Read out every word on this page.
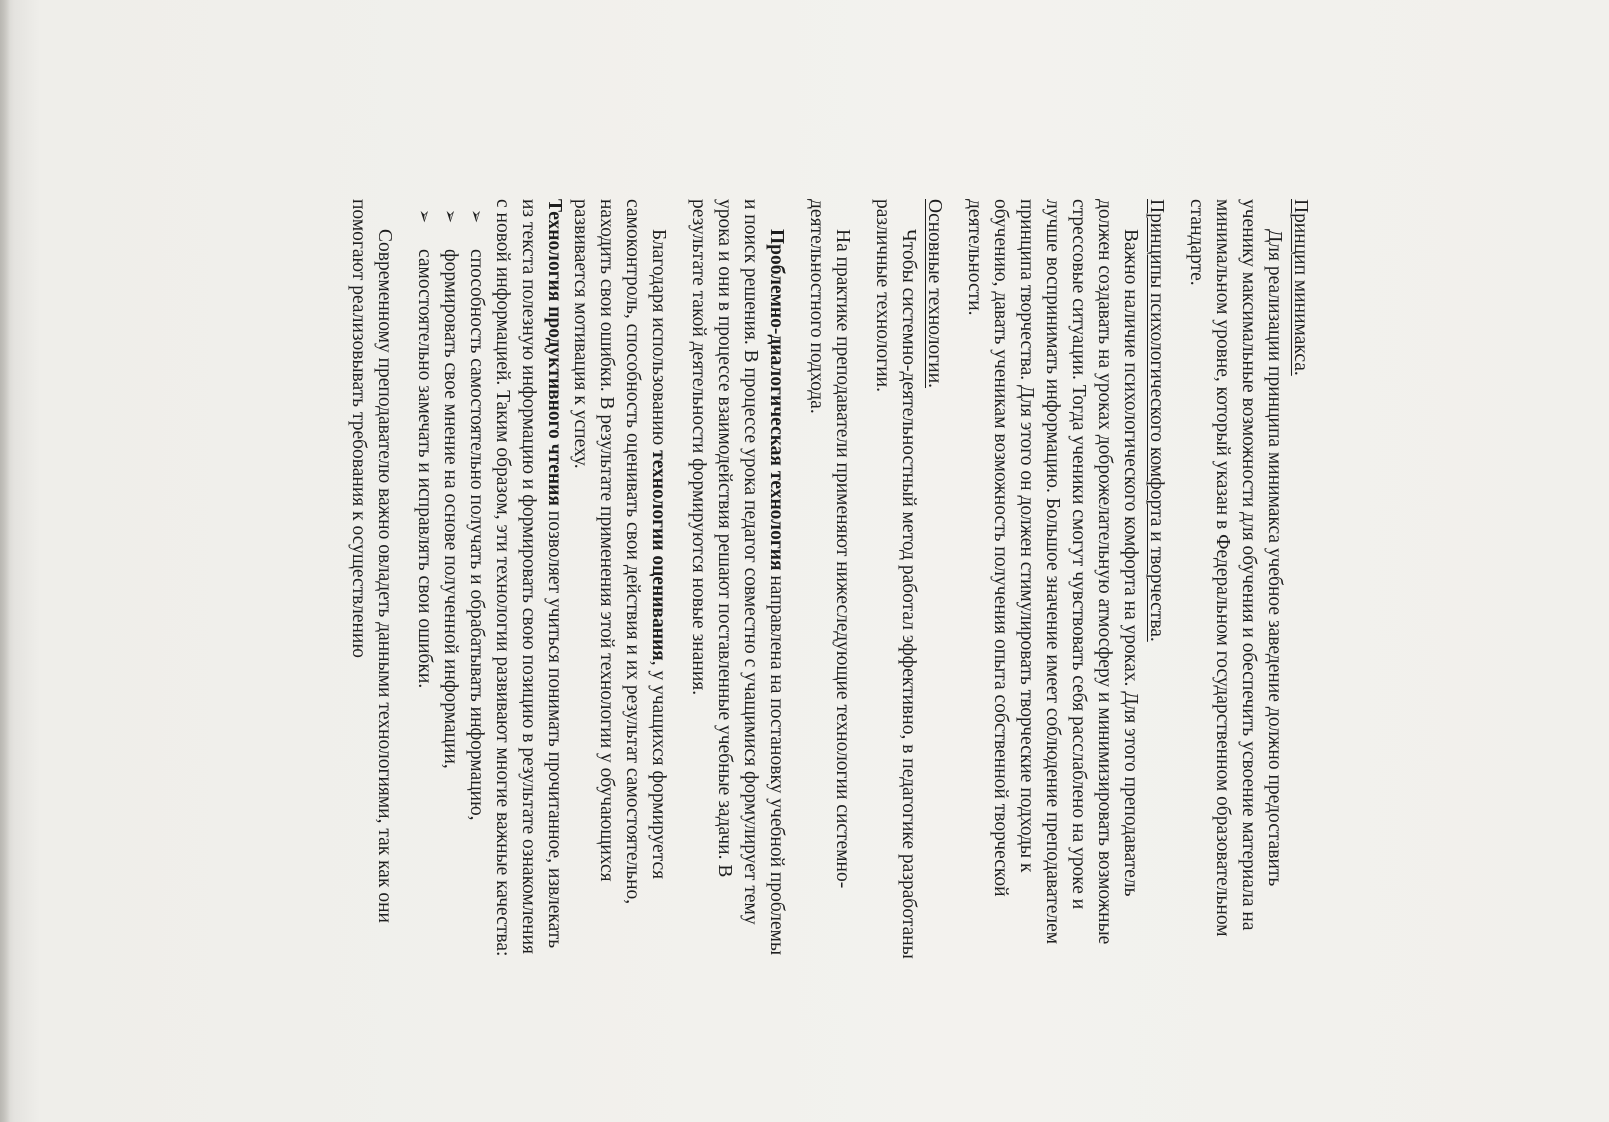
Принцип минимакса.

Для реализации принципа минимакса учебное заведение должно предоставить ученику максимальные возможности для обучения и обеспечить усвоение материала на минимальном уровне, который указан в Федеральном государственном образовательном стандарте.

Принципы психологического комфорта и творчества.

Важно наличие психологического комфорта на уроках. Для этого преподаватель должен создавать на уроках доброжелательную атмосферу и минимизировать возможные стрессовые ситуации. Тогда ученики смогут чувствовать себя расслаблено на уроке и лучше воспринимать информацию. Большое значение имеет соблюдение преподавателем принципа творчества. Для этого он должен стимулировать творческие подходы к обучению, давать ученикам возможность получения опыта собственной творческой деятельности.

Основные технологии.

Чтобы системно-деятельностный метод работал эффективно, в педагогике разработаны различные технологии.

На практике преподаватели применяют нижеследующие технологии системно-деятельностного подхода.

Проблемно-диалогическая технология направлена на постановку учебной проблемы и поиск решения. В процессе урока педагог совместно с учащимися формулирует тему урока и они в процессе взаимодействия решают поставленные учебные задачи. В результате такой деятельности формируются новые знания.

Благодаря использованию технологии оценивания, у учащихся формируется самоконтроль, способность оценивать свои действия и их результат самостоятельно, находить свои ошибки. В результате применения этой технологии у обучающихся развивается мотивация к успеху.

Технология продуктивного чтения позволяет учиться понимать прочитанное, извлекать из текста полезную информацию и формировать свою позицию в результате ознакомления с новой информацией. Таким образом, эти технологии развивают многие важные качества:

➢
способность самостоятельно получать и обрабатывать информацию,
➢
формировать свое мнение на основе полученной информации,
➢
самостоятельно замечать и исправлять свои ошибки.

Современному преподавателю важно овладеть данными технологиями, так как они помогают реализовывать требования к осуществлению
